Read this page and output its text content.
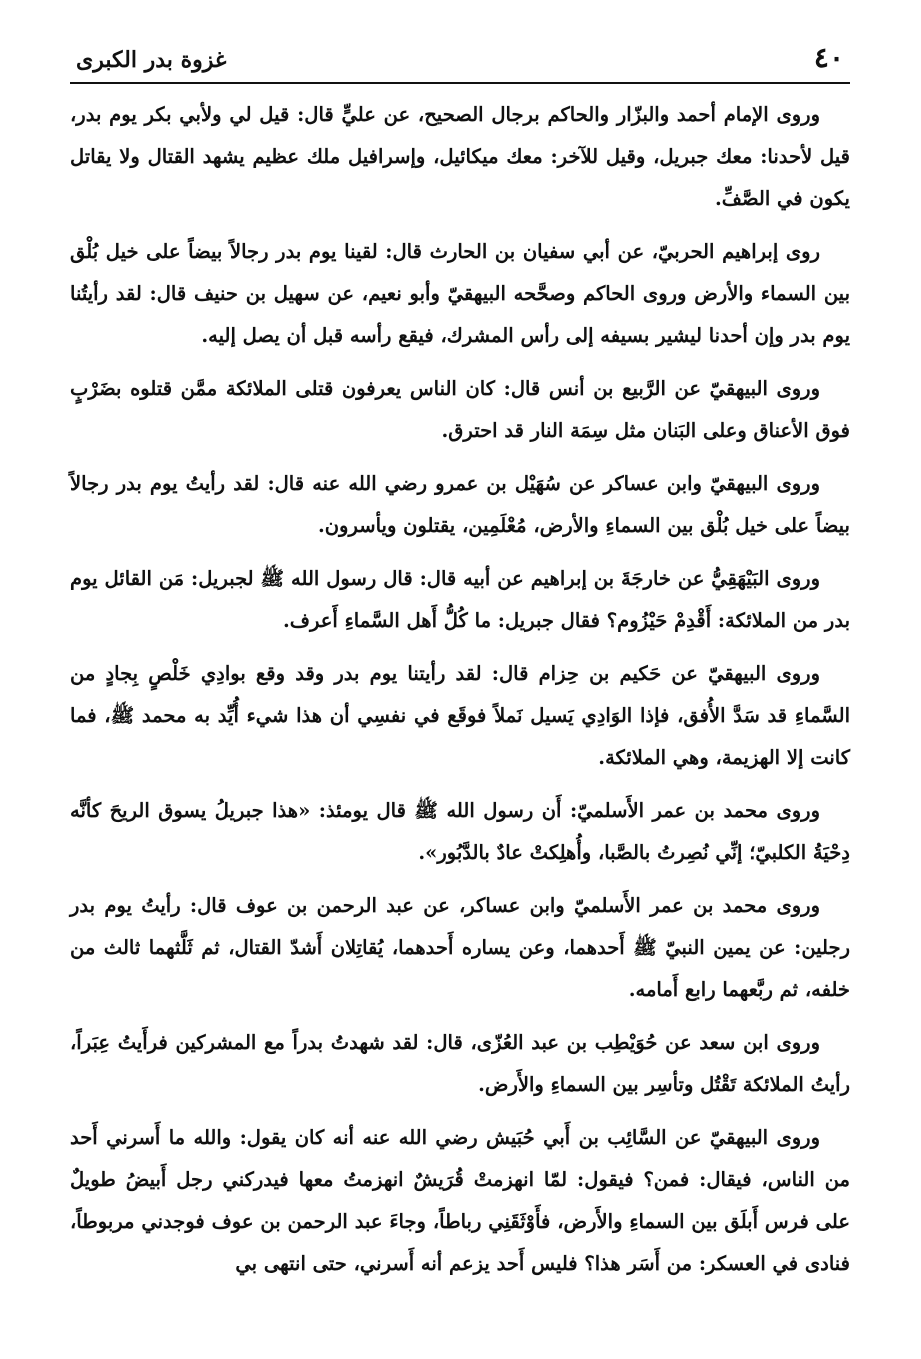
٤٠
غزوة بدر الكبرى

وروى الإمام أحمد والبزّار والحاكم برجال الصحيح، عن عليٍّ قال: قيل لي ولأبي بكر يوم بدر، قيل لأحدنا: معك جبريل، وقيل للآخر: معك ميكائيل، وإسرافيل ملك عظيم يشهد القتال ولا يقاتل يكون في الصَّفِّ.

روى إبراهيم الحربيّ، عن أبي سفيان بن الحارث قال: لقينا يوم بدر رجالاً بيضاً على خيل بُلْق بين السماء والأرض وروى الحاكم وصحَّحه البيهقيّ وأبو نعيم، عن سهيل بن حنيف قال: لقد رأيتُنا يوم بدر وإن أحدنا ليشير بسيفه إلى رأس المشرك، فيقع رأسه قبل أن يصل إليه.

وروى البيهقيّ عن الرَّبيع بن أنس قال: كان الناس يعرفون قتلى الملائكة ممَّن قتلوه بضَرْبٍ فوق الأعناق وعلى البَنان مثل سِمَة النار قد احترق.

وروى البيهقيّ وابن عساكر عن سُهَيْل بن عمرو رضي الله عنه قال: لقد رأيتُ يوم بدر رجالاً بيضاً على خيل بُلْق بين السماءِ والأرض، مُعْلَمِين، يقتلون ويأسرون.

وروى البَيْهَقِيُّ عن خارجَةَ بن إبراهيم عن أبيه قال: قال رسول الله ﷺ لجبريل: مَن القائل يوم بدر من الملائكة: أَقْدِمْ حَيْزُوم؟ فقال جبريل: ما كُلُّ أَهل السَّماءِ أَعرف.

وروى البيهقيّ عن حَكيم بن حِزام قال: لقد رأيتنا يوم بدر وقد وقع بوادِي خَلْصٍ بِجادٍ من السَّماءِ قد سَدَّ الأُفق، فإذا الوَادِي يَسيل نَملاً فوقَع في نفسِي أن هذا شيء أُيِّد به محمد ﷺ، فما كانت إلا الهزيمة، وهي الملائكة.

وروى محمد بن عمر الأَسلميّ: أَن رسول الله ﷺ قال يومئذ: «هذا جبريلُ يسوق الريحَ كأنَّه دِحْيَةُ الكلبيّ؛ إنِّي نُصِرتُ بالصَّبا، وأُهلِكتْ عادٌ بالدَّبُور».

وروى محمد بن عمر الأَسلميّ وابن عساكر، عن عبد الرحمن بن عوف قال: رأيتُ يوم بدر رجلين: عن يمين النبيّ ﷺ أَحدهما، وعن يساره أَحدهما، يُقاتِلان أَشدّ القتال، ثم ثَلَّثهما ثالث من خلفه، ثم ربَّعهما رابع أَمامه.

وروى ابن سعد عن حُوَيْطِب بن عبد العُزّى، قال: لقد شهدتُ بدراً مع المشركين فرأَيتُ عِبَراً، رأيتُ الملائكة تَقْتُل وتأسِر بين السماءِ والأَرض.

وروى البيهقيّ عن السَّائِب بن أَبي حُبَيش رضي الله عنه أنه كان يقول: والله ما أَسرني أَحد من الناس، فيقال: فمن؟ فيقول: لمّا انهزمتْ قُرَيشٌ انهزمتُ معها فيدركني رجل أَبيضُ طويلٌ على فرس أَبلَق بين السماءِ والأَرض، فأَوْثَقَنِي رباطاً، وجاءَ عبد الرحمن بن عوف فوجدني مربوطاً، فنادى في العسكر: من أَسَر هذا؟ فليس أَحد يزعم أنه أَسرني، حتى انتهى بي
